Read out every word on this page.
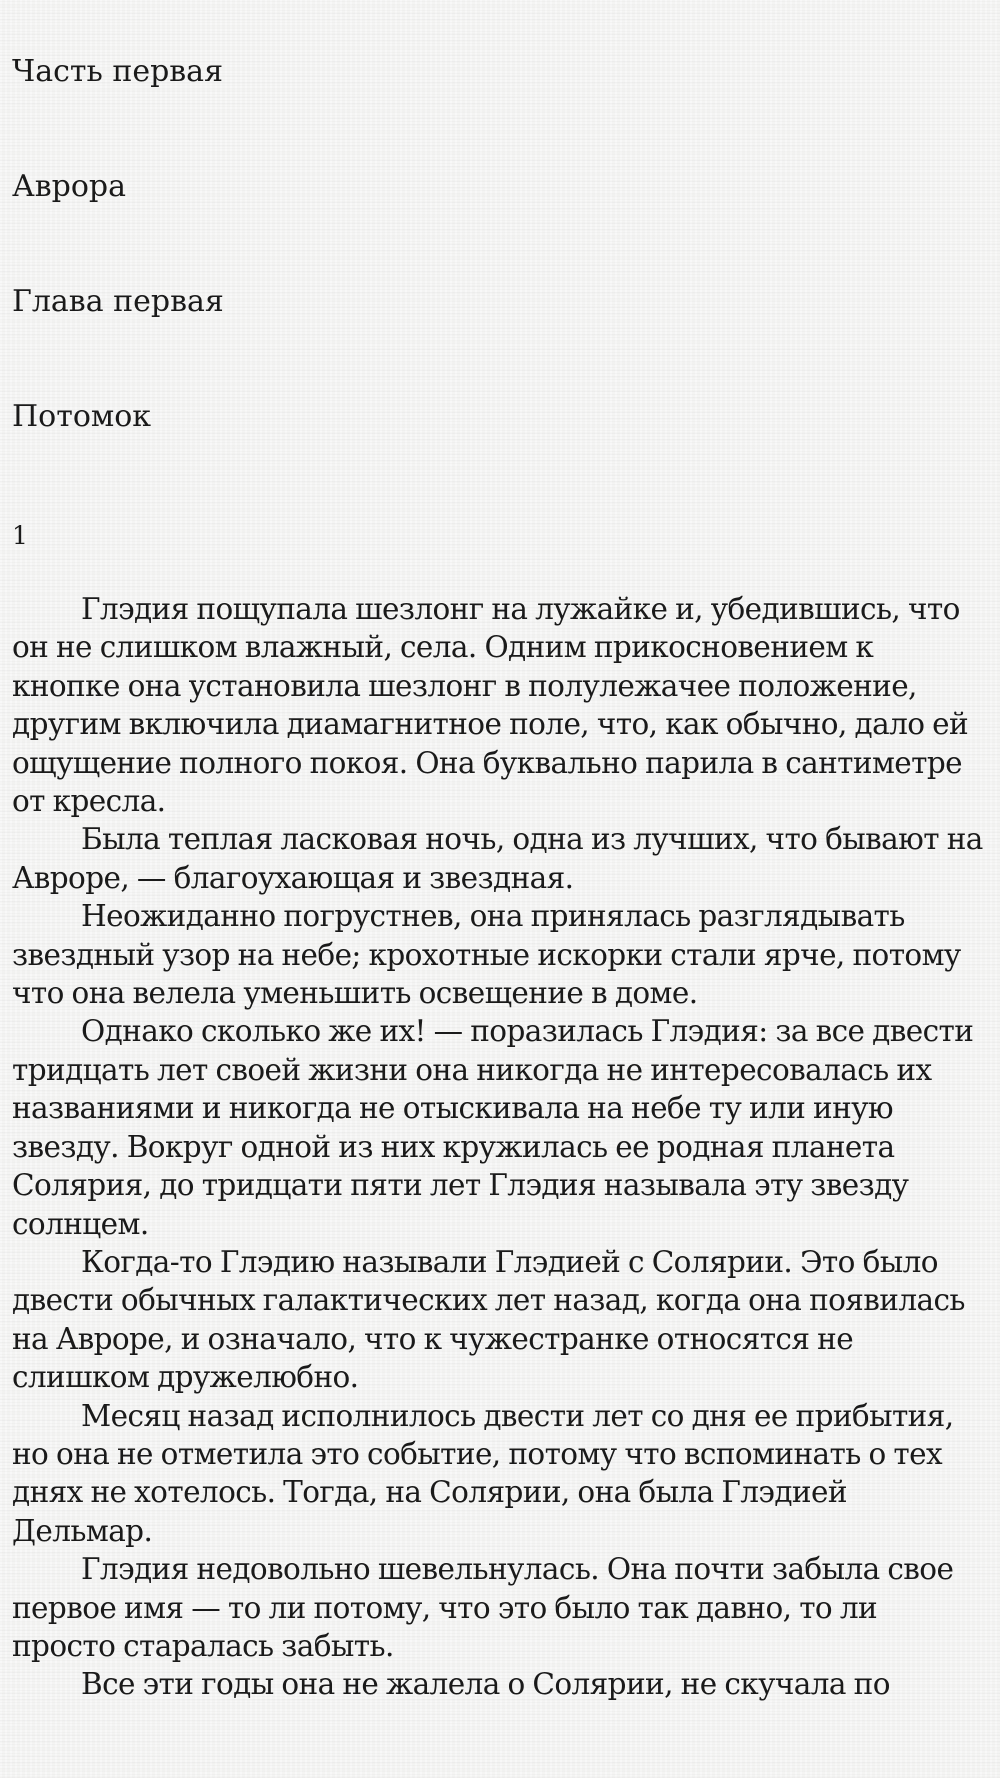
Часть первая
Аврора
Глава первая
Потомок
1

Глэдия пощупала шезлонг на лужайке и, убедившись, что он не слишком влажный, села. Одним прикосновением к кнопке она установила шезлонг в полулежачее положение, другим включила диамагнитное поле, что, как обычно, дало ей ощущение полного покоя. Она буквально парила в сантиметре от кресла.

Была теплая ласковая ночь, одна из лучших, что бывают на Авроре, — благоухающая и звездная.

Неожиданно погрустнев, она принялась разглядывать звездный узор на небе; крохотные искорки стали ярче, потому что она велела уменьшить освещение в доме.

Однако сколько же их! — поразилась Глэдия: за все двести тридцать лет своей жизни она никогда не интересовалась их названиями и никогда не отыскивала на небе ту или иную звезду. Вокруг одной из них кружилась ее родная планета Солярия, до тридцати пяти лет Глэдия называла эту звезду солнцем.

Когда-то Глэдию называли Глэдией с Солярии. Это было двести обычных галактических лет назад, когда она появилась на Авроре, и означало, что к чужестранке относятся не слишком дружелюбно.

Месяц назад исполнилось двести лет со дня ее прибытия, но она не отметила это событие, потому что вспоминать о тех днях не хотелось. Тогда, на Солярии, она была Глэдией Дельмар.

Глэдия недовольно шевельнулась. Она почти забыла свое первое имя — то ли потому, что это было так давно, то ли просто старалась забыть.

Все эти годы она не жалела о Солярии, не скучала по
